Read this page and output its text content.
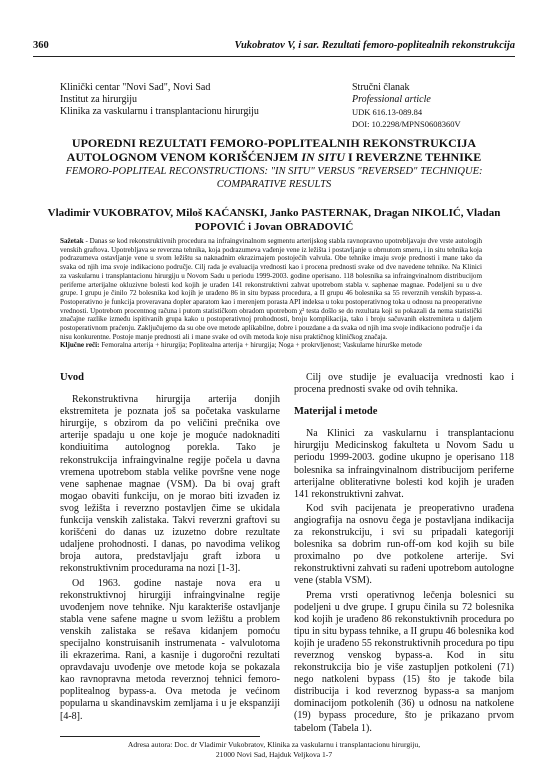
360	Vukobratov V, i sar. Rezultati femoro-poplitealnih rekonstrukcija
Klinički centar "Novi Sad", Novi Sad
Institut za hirurgiju
Klinika za vaskularnu i transplantacionu hirurgiju
Stručni članak
Professional article
UDK 616.13-089.84
DOI: 10.2298/MPNS0608360V
UPOREDNI REZULTATI FEMORO-POPLITEALNIH REKONSTRUKCIJA AUTOLOGNOM VENOM KORIŠĆENJEM IN SITU I REVERZNE TEHNIKE
FEMORO-POPLITEAL RECONSTRUCTIONS: "IN SITU" VERSUS "REVERSED" TECHNIQUE: COMPARATIVE RESULTS
Vladimir VUKOBRATOV, Miloš KAĆANSKI, Janko PASTERNAK, Dragan NIKOLIĆ, Vladan
POPOVIĆ i Jovan OBRADOVIĆ

Sažetak - Danas se kod rekonstruktivnih procedura na infraingvinalnom segmentu arterijskog stabla ravnopravno upotrebljavaju dve vrste autologih venskih graftova. Upotrebljava se reverzna tehnika, koja podrazumeva vađenje vene iz ležišta i postavljanje u obrnutom smeru, i in situ tehnika koja podrazumeva ostavljanje vene u svom ležištu sa naknadnim ekrazirnajem postojećih valvula. Obe tehnike imaju svoje prednosti i mane tako da svaka od njih ima svoje indikaciono područje. Cilj rada je evaluacija vrednosti kao i procena prednosti svake od dve navedene tehnike. Na Klinici za vaskularnu i transplantacionu hirurgiju u Novom Sadu u periodu 1999-2003. godine operisano. 118 bolesnika sa infraingvinalnom distribucijom periferne arterijalne okluzivne bolesti kod kojih je urađen 141 rekonstruktivni zahvat upotrebom stabla v. saphenae magnae. Podeljeni su u dve grupe. I grupu je činilo 72 bolesnika kod kojih je urađeno 86 in situ bypass procedura, a II grupu 46 bolesnika sa 55 reverznih venskih bypass-a. Postoperativno je funkcija proveravana dopler aparatom kao i merenjem porasta API indeksa u toku postoperativnog toka u odnosu na preoperativne vrednosti. Upotrebom procentnog računa i putom statističkom obradom upotrebom χ² testa došlo se do rezultata koji su pokazali da nema statistički značajne razlike između ispitivanih grupa kako u postoperativnoj prohodnosti, broju komplikacija, tako i broju sačuvanih ekstremiteta u daljem postoperativnom praćenju. Zaključujemo da su obe ove metode aplikabilne, dobre i pouzdane a da svaka od njih ima svoje indikaciono područje i da nisu konkurentne. Postoje manje prednosti ali i mane svake od ovih metoda koje nisu praktičnog kliničkog značaja.

Ključne reči: Femoralna arterija + hirurgija; Poplitealna arterija + hirurgija; Noga + prokrvljenost; Vaskularne hirurške metode

Uvod

Rekonstruktivna hirurgija arterija donjih ekstremiteta je poznata još sa početaka vaskularne hirurgije, s obzirom da po veličini prečnika ove arterije spadaju u one koje je moguće nadoknaditi kondiuitima autolognog porekla. Tako je rekonstrukcija infraingvinalne regije počela u davna vremena upotrebom stabla velike površne vene noge vene saphenae magnae (VSM). Da bi ovaj graft mogao obaviti funkciju, on je morao biti izvađen iz svog ležišta i reverzno postavljen čime se ukidala funkcija venskih zalistaka. Takvi reverzni graftovi su korišćeni do danas uz izuzetno dobre rezultate udaljene prohodnosti. I danas, po navodima velikog broja autora, predstavljaju graft izbora u rekonstruktivnim procedurama na nozi [1-3].

Od 1963. godine nastaje nova era u rekonstruktivnoj hirurgiji infraingvinalne regije uvođenjem nove tehnike. Nju karakteriše ostavljanje stabla vene safene magne u svom ležištu a problem venskih zalistaka se rešava kidanjem pomoću specijalno konstruisanih instrumenata - valvulotoma ili ekrazerima. Rani, a kasnije i dugoročni rezultati opravdavaju uvođenje ove metode koja se pokazala kao ravnopravna metoda reverznoj tehnici femoro-poplitealnog bypass-a. Ova metoda je većinom popularna u skandinavskim zemljama i u je ekspanziji [4-8].

Cilj ove studije je evaluacija vrednosti kao i procena prednosti svake od ovih tehnika.

Materijal i metode

Na Klinici za vaskularnu i transplantacionu hirurgiju Medicinskog fakulteta u Novom Sadu u periodu 1999-2003. godine ukupno je operisano 118 bolesnika sa infraingvinalnom distribucijom periferne arterijalne obliterativne bolesti kod kojih je urađen 141 rekonstruktivni zahvat.

Kod svih pacijenata je preoperativno urađena angiografija na osnovu čega je postavljana indikacija za rekonstrukciju, i svi su pripadali kategoriji bolesnika sa dobrim run-off-om kod kojih su bile proximalno po dve potkolene arterije. Svi rekonstruktivni zahvati su rađeni upotrebom autologne vene (stabla VSM).

Prema vrsti operativnog lečenja bolesnici su podeljeni u dve grupe. I grupu činila su 72 bolesnika kod kojih je urađeno 86 rekonstuktivnih procedura po tipu in situ bypass tehnike, a II grupu 46 bolesnika kod kojih je urađeno 55 rekonstruktivnih procedura po tipu reverznog venskog bypass-a. Kod in situ rekonstrukcija bio je više zastupljen potkoleni (71) nego natkoleni bypass (15) što je takođe bila distribucija i kod reverznog bypass-a sa manjom dominacijom potkolenih (36) u odnosu na natkolene (19) bypass procedure, što je prikazano prvom tabelom (Tabela 1).

Adresa autora: Doc. dr Vladimir Vukobratov, Klinika za vaskularnu i transplantacionu hirurgiju,
21000 Novi Sad, Hajduk Veljkova 1-7
